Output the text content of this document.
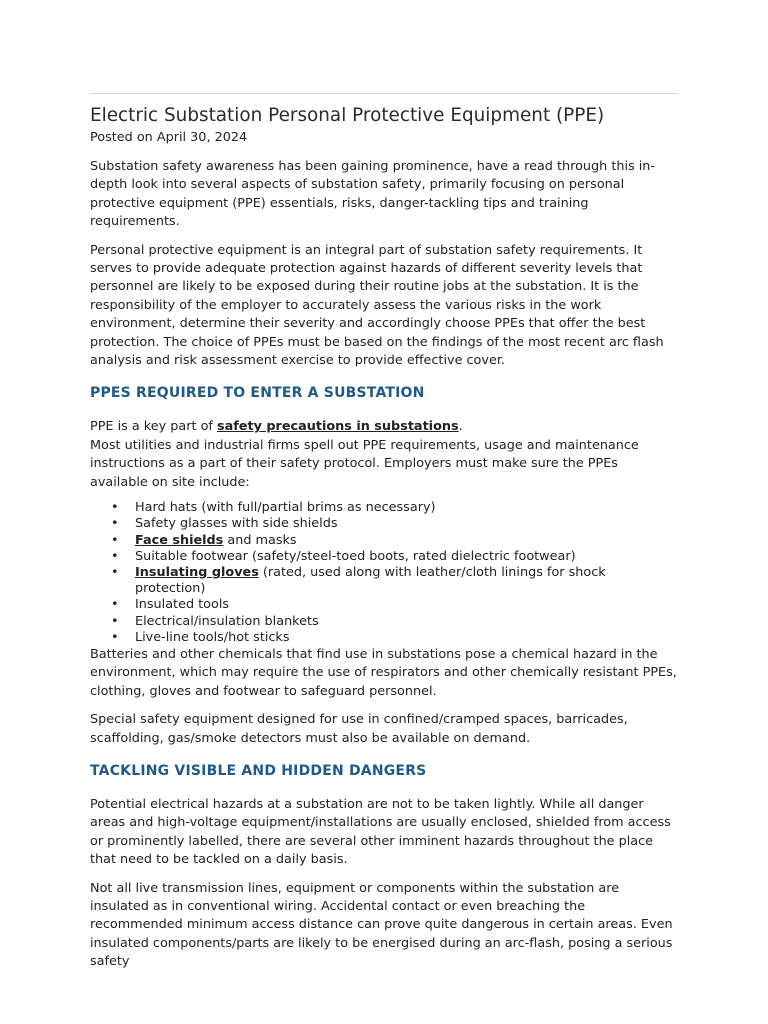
Electric Substation Personal Protective Equipment (PPE)
Posted on April 30, 2024

Substation safety awareness has been gaining prominence, have a read through this in-depth look into several aspects of substation safety, primarily focusing on personal protective equipment (PPE) essentials, risks, danger-tackling tips and training requirements.

Personal protective equipment is an integral part of substation safety requirements. It serves to provide adequate protection against hazards of different severity levels that personnel are likely to be exposed during their routine jobs at the substation. It is the responsibility of the employer to accurately assess the various risks in the work environment, determine their severity and accordingly choose PPEs that offer the best protection. The choice of PPEs must be based on the findings of the most recent arc flash analysis and risk assessment exercise to provide effective cover.

PPES REQUIRED TO ENTER A SUBSTATION

PPE is a key part of safety precautions in substations.

Most utilities and industrial firms spell out PPE requirements, usage and maintenance instructions as a part of their safety protocol. Employers must make sure the PPEs available on site include:

• Hard hats (with full/partial brims as necessary)
• Safety glasses with side shields
• Face shields and masks
• Suitable footwear (safety/steel-toed boots, rated dielectric footwear)
• Insulating gloves (rated, used along with leather/cloth linings for shock protection)
• Insulated tools
• Electrical/insulation blankets
• Live-line tools/hot sticks

Batteries and other chemicals that find use in substations pose a chemical hazard in the environment, which may require the use of respirators and other chemically resistant PPEs, clothing, gloves and footwear to safeguard personnel.

Special safety equipment designed for use in confined/cramped spaces, barricades, scaffolding, gas/smoke detectors must also be available on demand.

TACKLING VISIBLE AND HIDDEN DANGERS

Potential electrical hazards at a substation are not to be taken lightly. While all danger areas and high-voltage equipment/installations are usually enclosed, shielded from access or prominently labelled, there are several other imminent hazards throughout the place that need to be tackled on a daily basis.

Not all live transmission lines, equipment or components within the substation are insulated as in conventional wiring. Accidental contact or even breaching the recommended minimum access distance can prove quite dangerous in certain areas. Even insulated components/parts are likely to be energised during an arc-flash, posing a serious safety
